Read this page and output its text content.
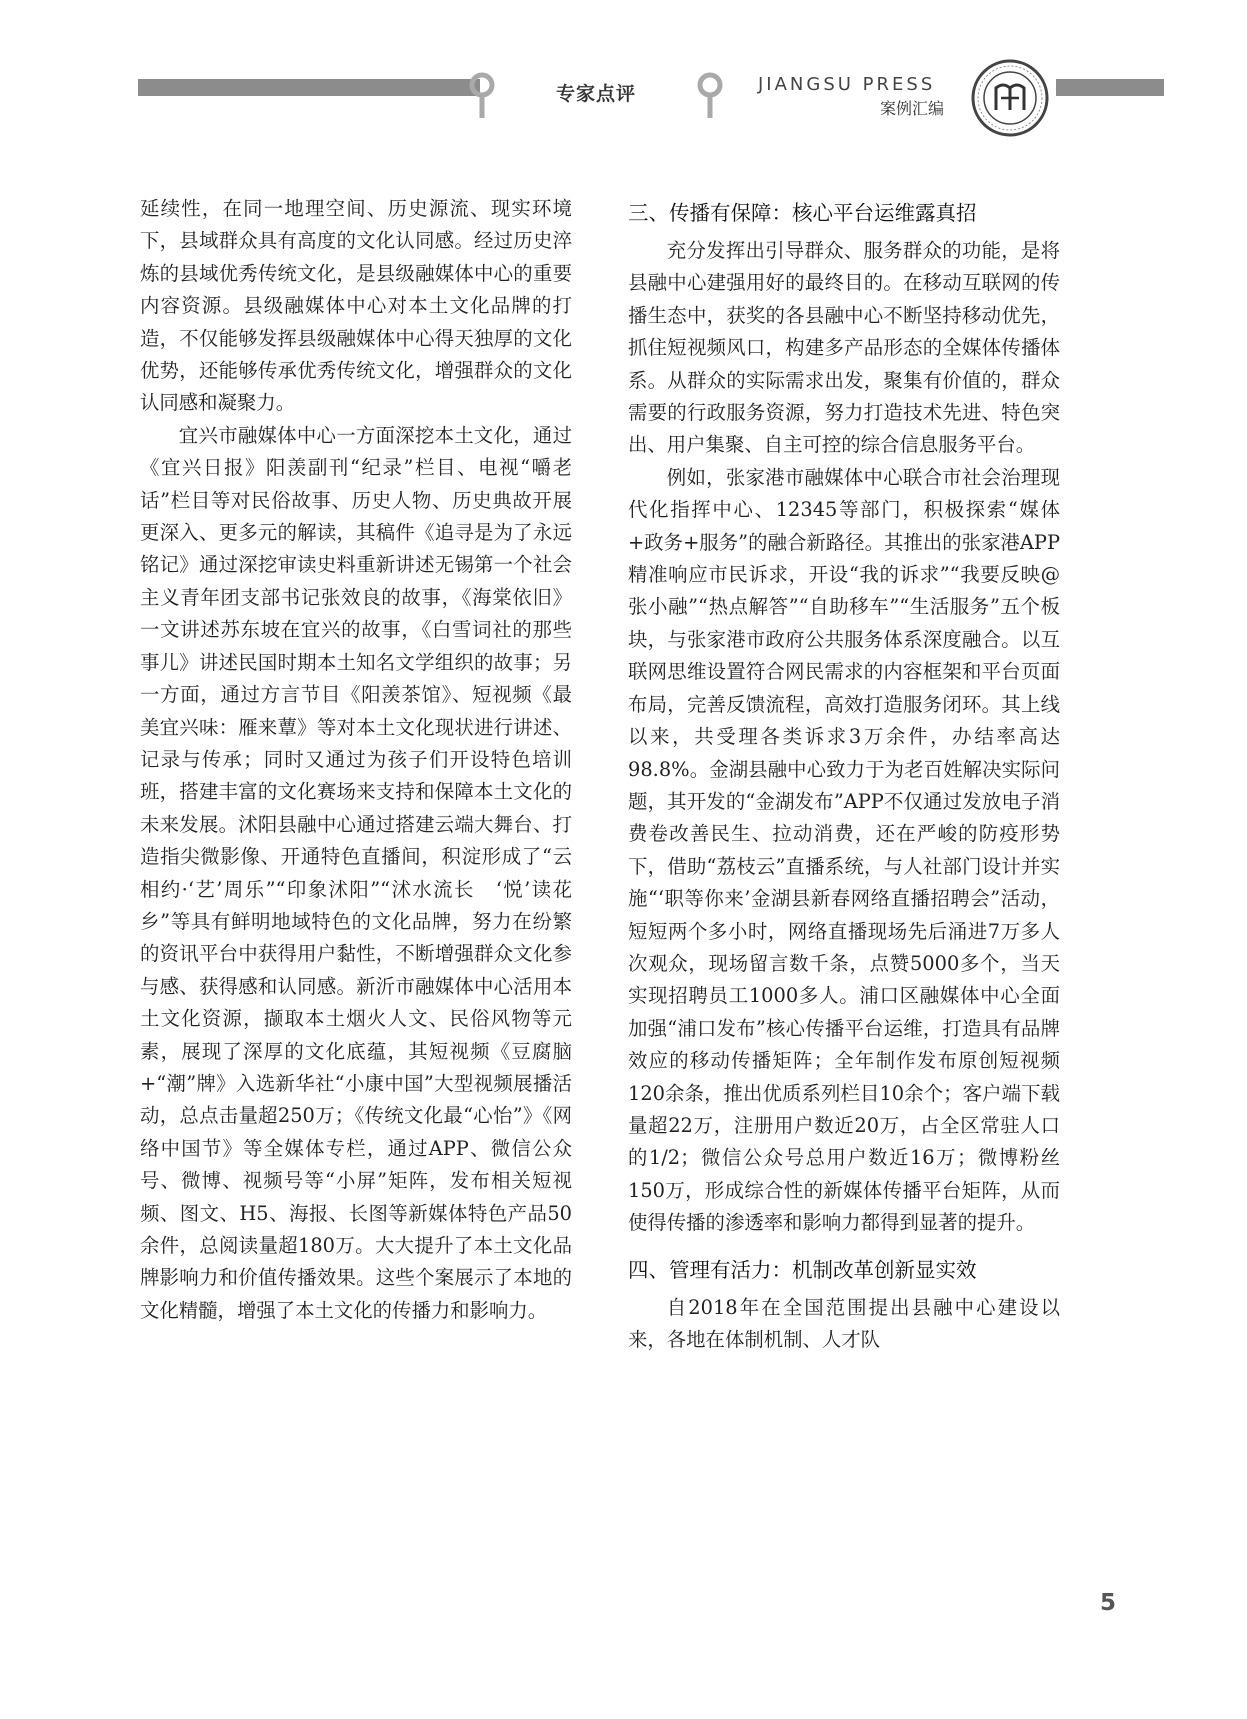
专家点评	JIANGSU PRESS
案例汇编

延续性，在同一地理空间、历史源流、现实环境下，县域群众具有高度的文化认同感。经过历史淬炼的县域优秀传统文化，是县级融媒体中心的重要内容资源。县级融媒体中心对本土文化品牌的打造，不仅能够发挥县级融媒体中心得天独厚的文化优势，还能够传承优秀传统文化，增强群众的文化认同感和凝聚力。

宜兴市融媒体中心一方面深挖本土文化，通过《宜兴日报》阳羡副刊“纪录”栏目、电视“嚼老话”栏目等对民俗故事、历史人物、历史典故开展更深入、更多元的解读，其稿件《追寻是为了永远铭记》通过深挖审读史料重新讲述无锡第一个社会主义青年团支部书记张效良的故事，《海棠依旧》一文讲述苏东坡在宜兴的故事，《白雪词社的那些事儿》讲述民国时期本土知名文学组织的故事；另一方面，通过方言节目《阳羡茶馆》、短视频《最美宜兴味：雁来蕈》等对本土文化现状进行讲述、记录与传承；同时又通过为孩子们开设特色培训班，搭建丰富的文化赛场来支持和保障本土文化的未来发展。沭阳县融中心通过搭建云端大舞台、打造指尖微影像、开通特色直播间，积淀形成了“云相约·‘艺’周乐”“印象沭阳”“沭水流长　‘悦’读花乡”等具有鲜明地域特色的文化品牌，努力在纷繁的资讯平台中获得用户黏性，不断增强群众文化参与感、获得感和认同感。新沂市融媒体中心活用本土文化资源，撷取本土烟火人文、民俗风物等元素，展现了深厚的文化底蕴，其短视频《豆腐脑+“潮”牌》入选新华社“小康中国”大型视频展播活动，总点击量超250万；《传统文化最“心怡”》《网络中国节》等全媒体专栏，通过APP、微信公众号、微博、视频号等“小屏”矩阵，发布相关短视频、图文、H5、海报、长图等新媒体特色产品50余件，总阅读量超180万。大大提升了本土文化品牌影响力和价值传播效果。这些个案展示了本地的文化精髓，增强了本土文化的传播力和影响力。

三、传播有保障：核心平台运维露真招

充分发挥出引导群众、服务群众的功能，是将县融中心建强用好的最终目的。在移动互联网的传播生态中，获奖的各县融中心不断坚持移动优先，抓住短视频风口，构建多产品形态的全媒体传播体系。从群众的实际需求出发，聚集有价值的，群众需要的行政服务资源，努力打造技术先进、特色突出、用户集聚、自主可控的综合信息服务平台。

例如，张家港市融媒体中心联合市社会治理现代化指挥中心、12345等部门，积极探索“媒体+政务+服务”的融合新路径。其推出的张家港APP精准响应市民诉求，开设“我的诉求”“我要反映@张小融”“热点解答”“自助移车”“生活服务”五个板块，与张家港市政府公共服务体系深度融合。以互联网思维设置符合网民需求的内容框架和平台页面布局，完善反馈流程，高效打造服务闭环。其上线以来，共受理各类诉求3万余件，办结率高达98.8%。金湖县融中心致力于为老百姓解决实际问题，其开发的“金湖发布”APP不仅通过发放电子消费卷改善民生、拉动消费，还在严峻的防疫形势下，借助“荔枝云”直播系统，与人社部门设计并实施“‘职等你来’金湖县新春网络直播招聘会”活动，短短两个多小时，网络直播现场先后涌进7万多人次观众，现场留言数千条，点赞5000多个，当天实现招聘员工1000多人。浦口区融媒体中心全面加强“浦口发布”核心传播平台运维，打造具有品牌效应的移动传播矩阵；全年制作发布原创短视频120余条，推出优质系列栏目10余个；客户端下载量超22万，注册用户数近20万，占全区常驻人口的1/2；微信公众号总用户数近16万；微博粉丝150万，形成综合性的新媒体传播平台矩阵，从而使得传播的渗透率和影响力都得到显著的提升。

四、管理有活力：机制改革创新显实效

自2018年在全国范围提出县融中心建设以来，各地在体制机制、人才队

5
